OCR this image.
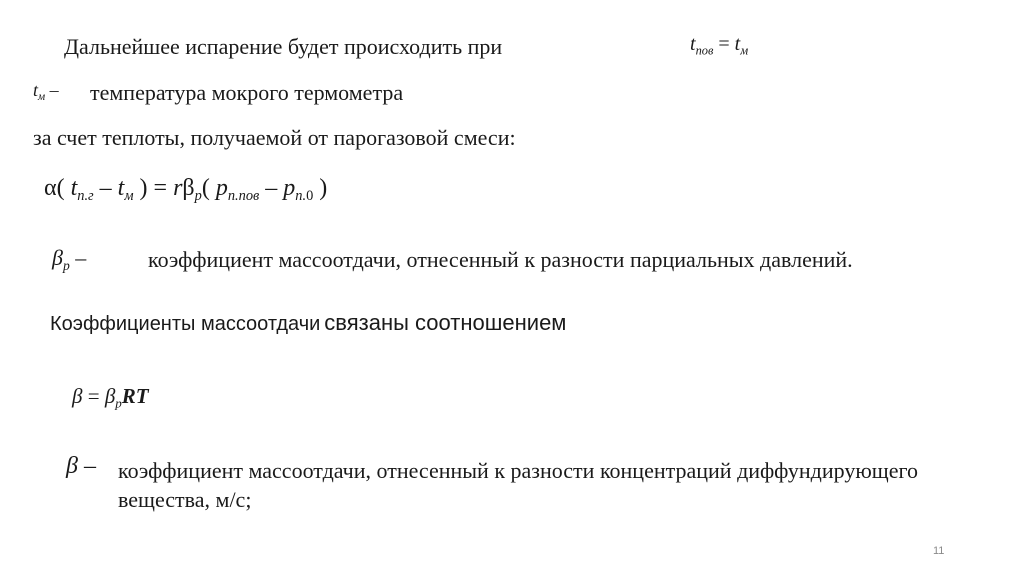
Дальнейшее испарение будет происходить при	$t_{пов} = t_м$
$t_м$ – температура мокрого термометра
за счет теплоты, получаемой от парогазовой смеси:
α( $t_{п.г} - t_м$ ) = $r\beta_p$( $p_{п.пов} - p_{п.0}$ )
$\beta_p$ –	коэффициент массоотдачи, отнесенный к разности парциальных давлений.
Коэффициенты массоотдачи связаны соотношением
$\beta = \beta_pRT$
β – коэффициент массоотдачи, отнесенный к разности концентраций диффундирующего
вещества, м/с;
11
